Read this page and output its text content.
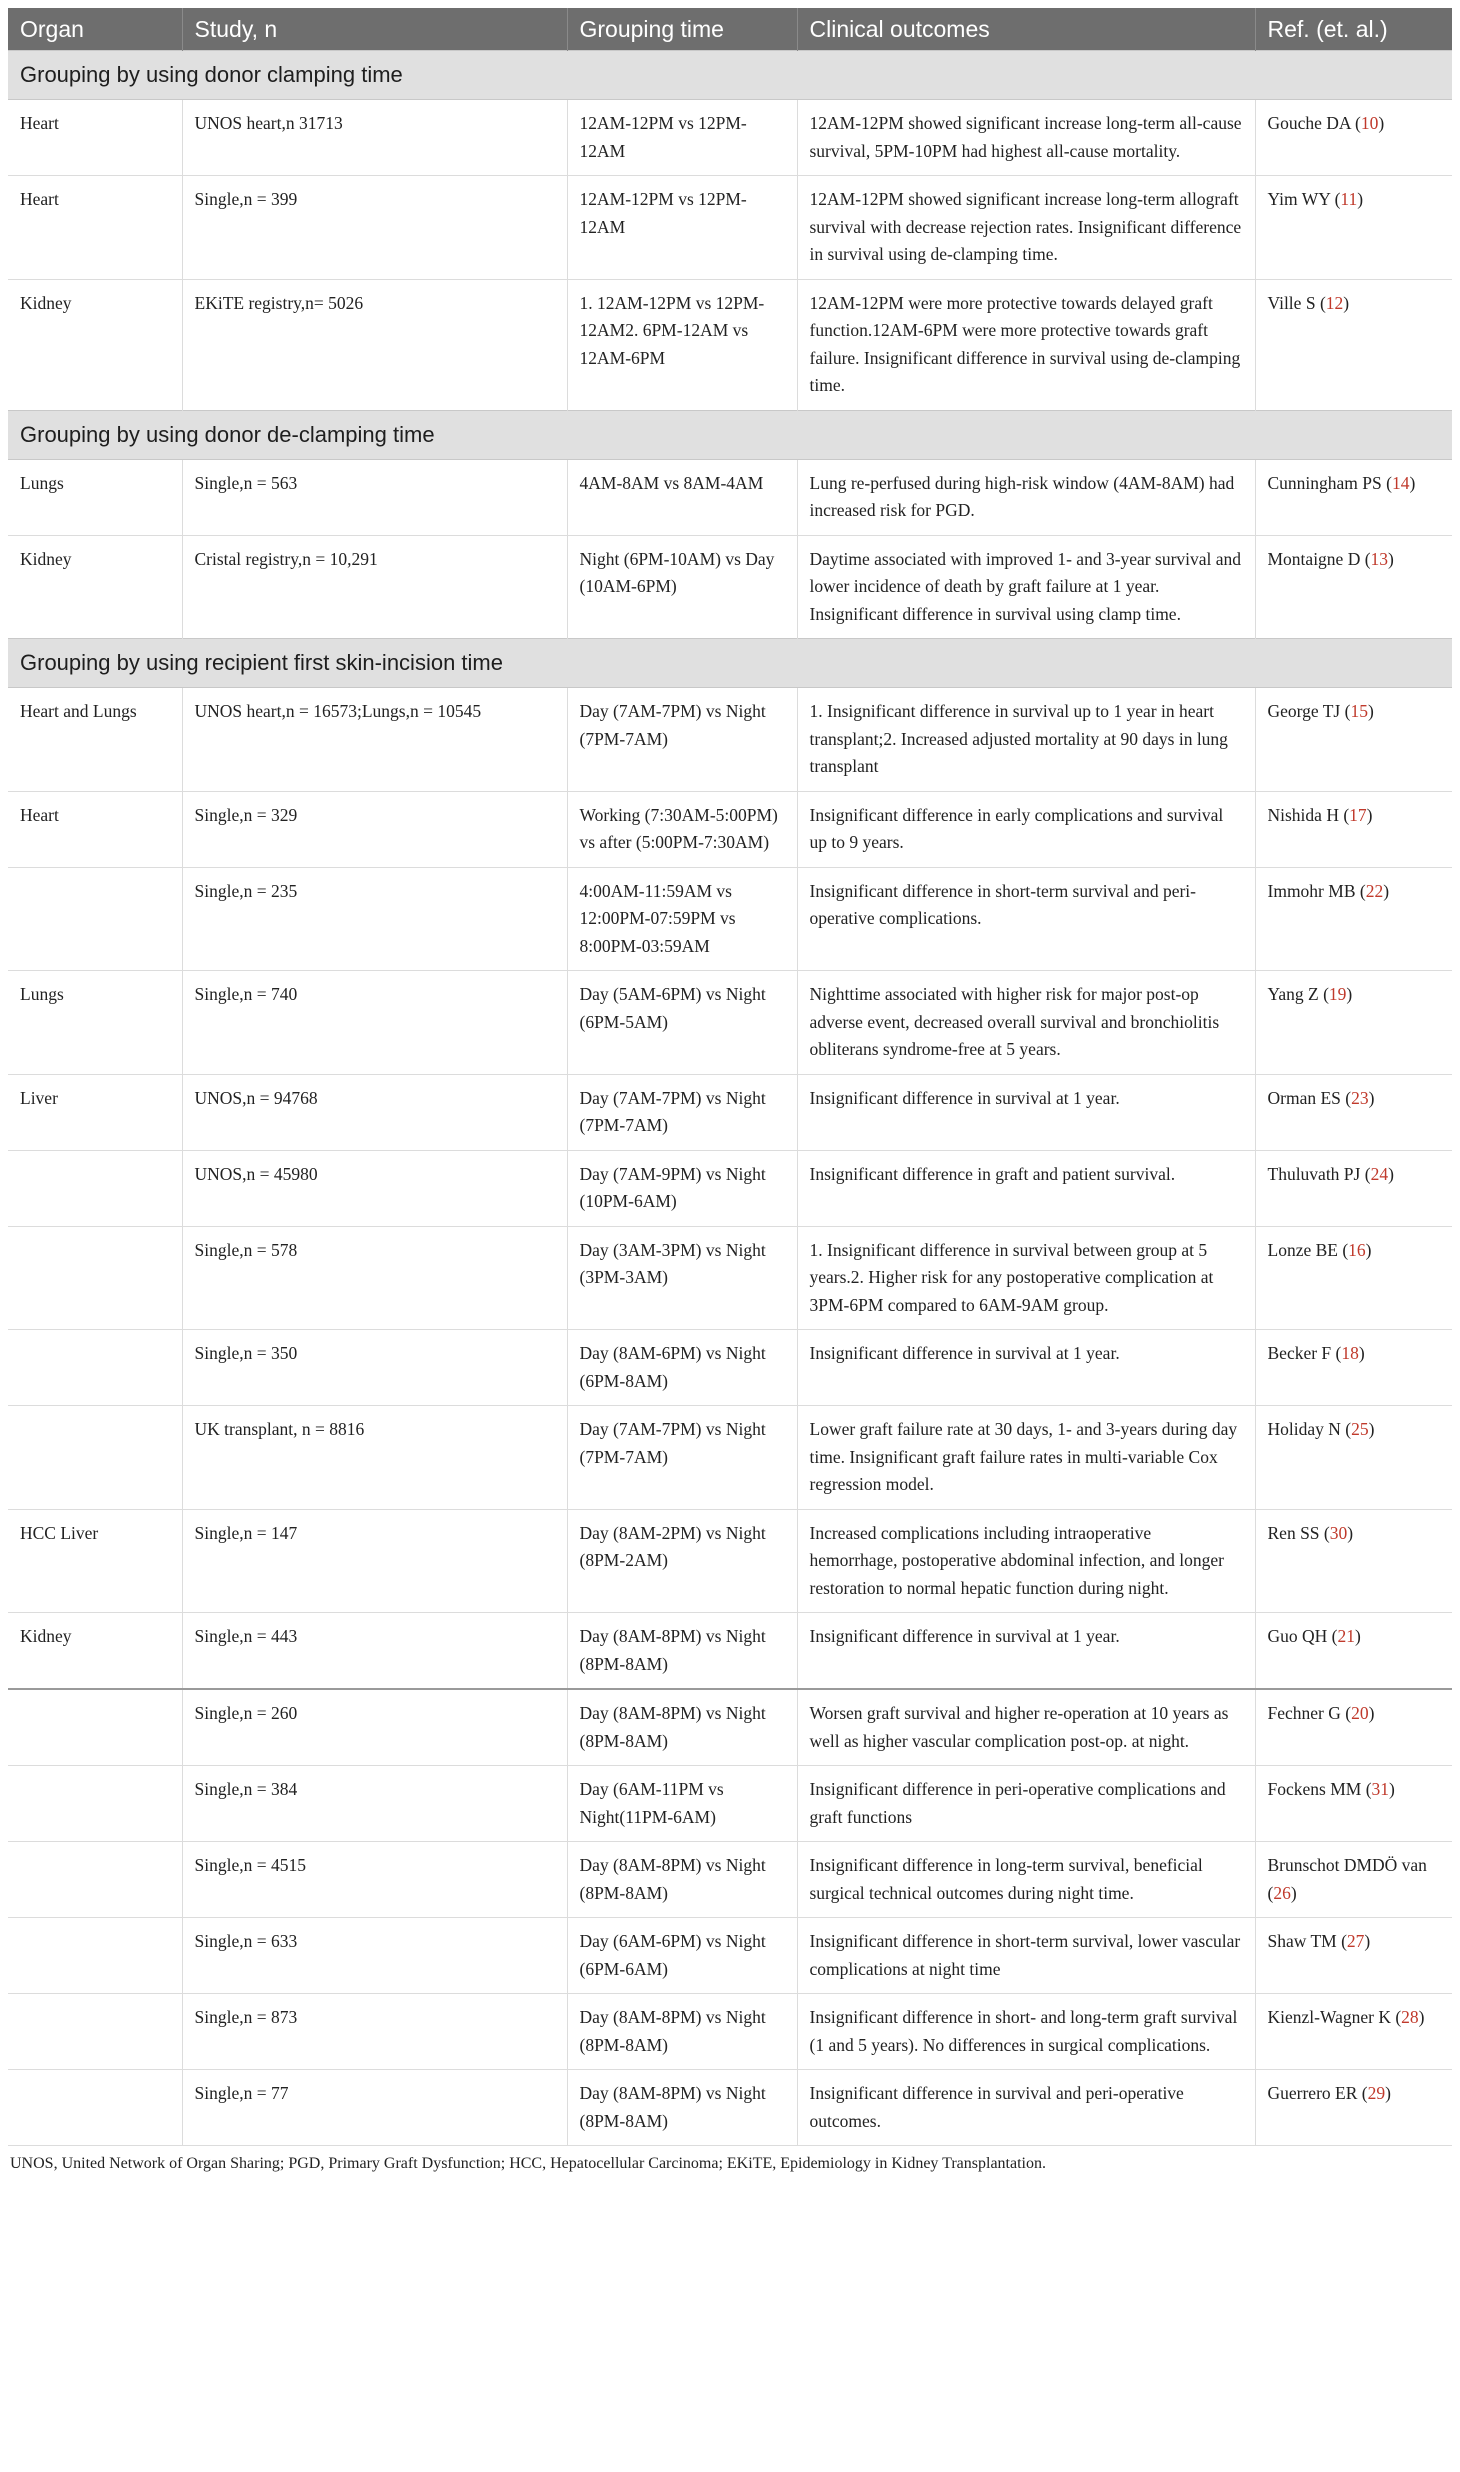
Organ	Study, n	Grouping time	Clinical outcomes	Ref. (et. al.)
Grouping by using donor clamping time				
Heart	UNOS heart,n 31713	12AM-12PM vs 12PM-12AM	12AM-12PM showed significant increase long-term all-cause survival, 5PM-10PM had highest all-cause mortality.	Gouche DA (10)
Heart	Single,n = 399	12AM-12PM vs 12PM-12AM	12AM-12PM showed significant increase long-term allograft survival with decrease rejection rates. Insignificant difference in survival using de-clamping time.	Yim WY (11)
Kidney	EKiTE registry,n= 5026	1. 12AM-12PM vs 12PM-12AM2. 6PM-12AM vs 12AM-6PM	12AM-12PM were more protective towards delayed graft function.12AM-6PM were more protective towards graft failure. Insignificant difference in survival using de-clamping time.	Ville S (12)
Grouping by using donor de-clamping time				
Lungs	Single,n = 563	4AM-8AM vs 8AM-4AM	Lung re-perfused during high-risk window (4AM-8AM) had increased risk for PGD.	Cunningham PS (14)
Kidney	Cristal registry,n = 10,291	Night (6PM-10AM) vs Day (10AM-6PM)	Daytime associated with improved 1- and 3-year survival and lower incidence of death by graft failure at 1 year. Insignificant difference in survival using clamp time.	Montaigne D (13)
Grouping by using recipient first skin-incision time				
Heart and Lungs	UNOS heart,n = 16573;Lungs,n = 10545	Day (7AM-7PM) vs Night (7PM-7AM)	1. Insignificant difference in survival up to 1 year in heart transplant;2. Increased adjusted mortality at 90 days in lung transplant	George TJ (15)
Heart	Single,n = 329	Working (7:30AM-5:00PM) vs after (5:00PM-7:30AM)	Insignificant difference in early complications and survival up to 9 years.	Nishida H (17)
	Single,n = 235	4:00AM-11:59AM vs 12:00PM-07:59PM vs 8:00PM-03:59AM	Insignificant difference in short-term survival and peri-operative complications.	Immohr MB (22)
Lungs	Single,n = 740	Day (5AM-6PM) vs Night (6PM-5AM)	Nighttime associated with higher risk for major post-op adverse event, decreased overall survival and bronchiolitis obliterans syndrome-free at 5 years.	Yang Z (19)
Liver	UNOS,n = 94768	Day (7AM-7PM) vs Night (7PM-7AM)	Insignificant difference in survival at 1 year.	Orman ES (23)
	UNOS,n = 45980	Day (7AM-9PM) vs Night (10PM-6AM)	Insignificant difference in graft and patient survival.	Thuluvath PJ (24)
	Single,n = 578	Day (3AM-3PM) vs Night (3PM-3AM)	1. Insignificant difference in survival between group at 5 years.2. Higher risk for any postoperative complication at 3PM-6PM compared to 6AM-9AM group.	Lonze BE (16)
	Single,n = 350	Day (8AM-6PM) vs Night (6PM-8AM)	Insignificant difference in survival at 1 year.	Becker F (18)
	UK transplant, n = 8816	Day (7AM-7PM) vs Night (7PM-7AM)	Lower graft failure rate at 30 days, 1- and 3-years during day time. Insignificant graft failure rates in multi-variable Cox regression model.	Holiday N (25)
HCC Liver	Single,n = 147	Day (8AM-2PM) vs Night (8PM-2AM)	Increased complications including intraoperative hemorrhage, postoperative abdominal infection, and longer restoration to normal hepatic function during night.	Ren SS (30)
Kidney	Single,n = 443	Day (8AM-8PM) vs Night (8PM-8AM)	Insignificant difference in survival at 1 year.	Guo QH (21)
	Single,n = 260	Day (8AM-8PM) vs Night (8PM-8AM)	Worsen graft survival and higher re-operation at 10 years as well as higher vascular complication post-op. at night.	Fechner G (20)
	Single,n = 384	Day (6AM-11PM vs Night(11PM-6AM)	Insignificant difference in peri-operative complications and graft functions	Fockens MM (31)
	Single,n = 4515	Day (8AM-8PM) vs Night (8PM-8AM)	Insignificant difference in long-term survival, beneficial surgical technical outcomes during night time.	Brunschot DMDÖ van (26)
	Single,n = 633	Day (6AM-6PM) vs Night (6PM-6AM)	Insignificant difference in short-term survival, lower vascular complications at night time	Shaw TM (27)
	Single,n = 873	Day (8AM-8PM) vs Night (8PM-8AM)	Insignificant difference in short- and long-term graft survival (1 and 5 years). No differences in surgical complications.	Kienzl-Wagner K (28)
	Single,n = 77	Day (8AM-8PM) vs Night (8PM-8AM)	Insignificant difference in survival and peri-operative outcomes.	Guerrero ER (29)
UNOS, United Network of Organ Sharing; PGD, Primary Graft Dysfunction; HCC, Hepatocellular Carcinoma; EKiTE, Epidemiology in Kidney Transplantation.
